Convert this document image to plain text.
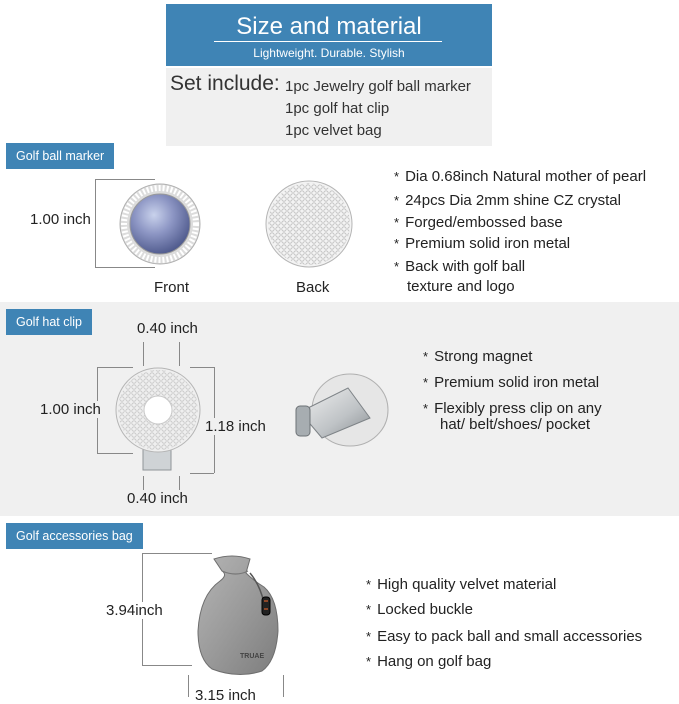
Size and material
Lightweight. Durable. Stylish
Set include: 1pc Jewelry golf ball marker
1pc golf hat clip
1pc velvet bag
Golf ball marker
1.00 inch
Front	Back
* Dia 0.68inch Natural mother of pearl
* 24pcs Dia 2mm shine CZ crystal
* Forged/embossed base
* Premium solid iron metal
* Back with golf ball
texture and logo
Golf hat clip	0.40 inch
1.00 inch
1.18 inch
0.40 inch
* Strong magnet
* Premium solid iron metal
* Flexibly press clip on any
hat/ belt/shoes/ pocket
Golf accessories bag
3.94inch
TRUAE
3.15 inch
* High quality velvet material
* Locked buckle
* Easy to pack ball and small accessories
* Hang on golf bag
